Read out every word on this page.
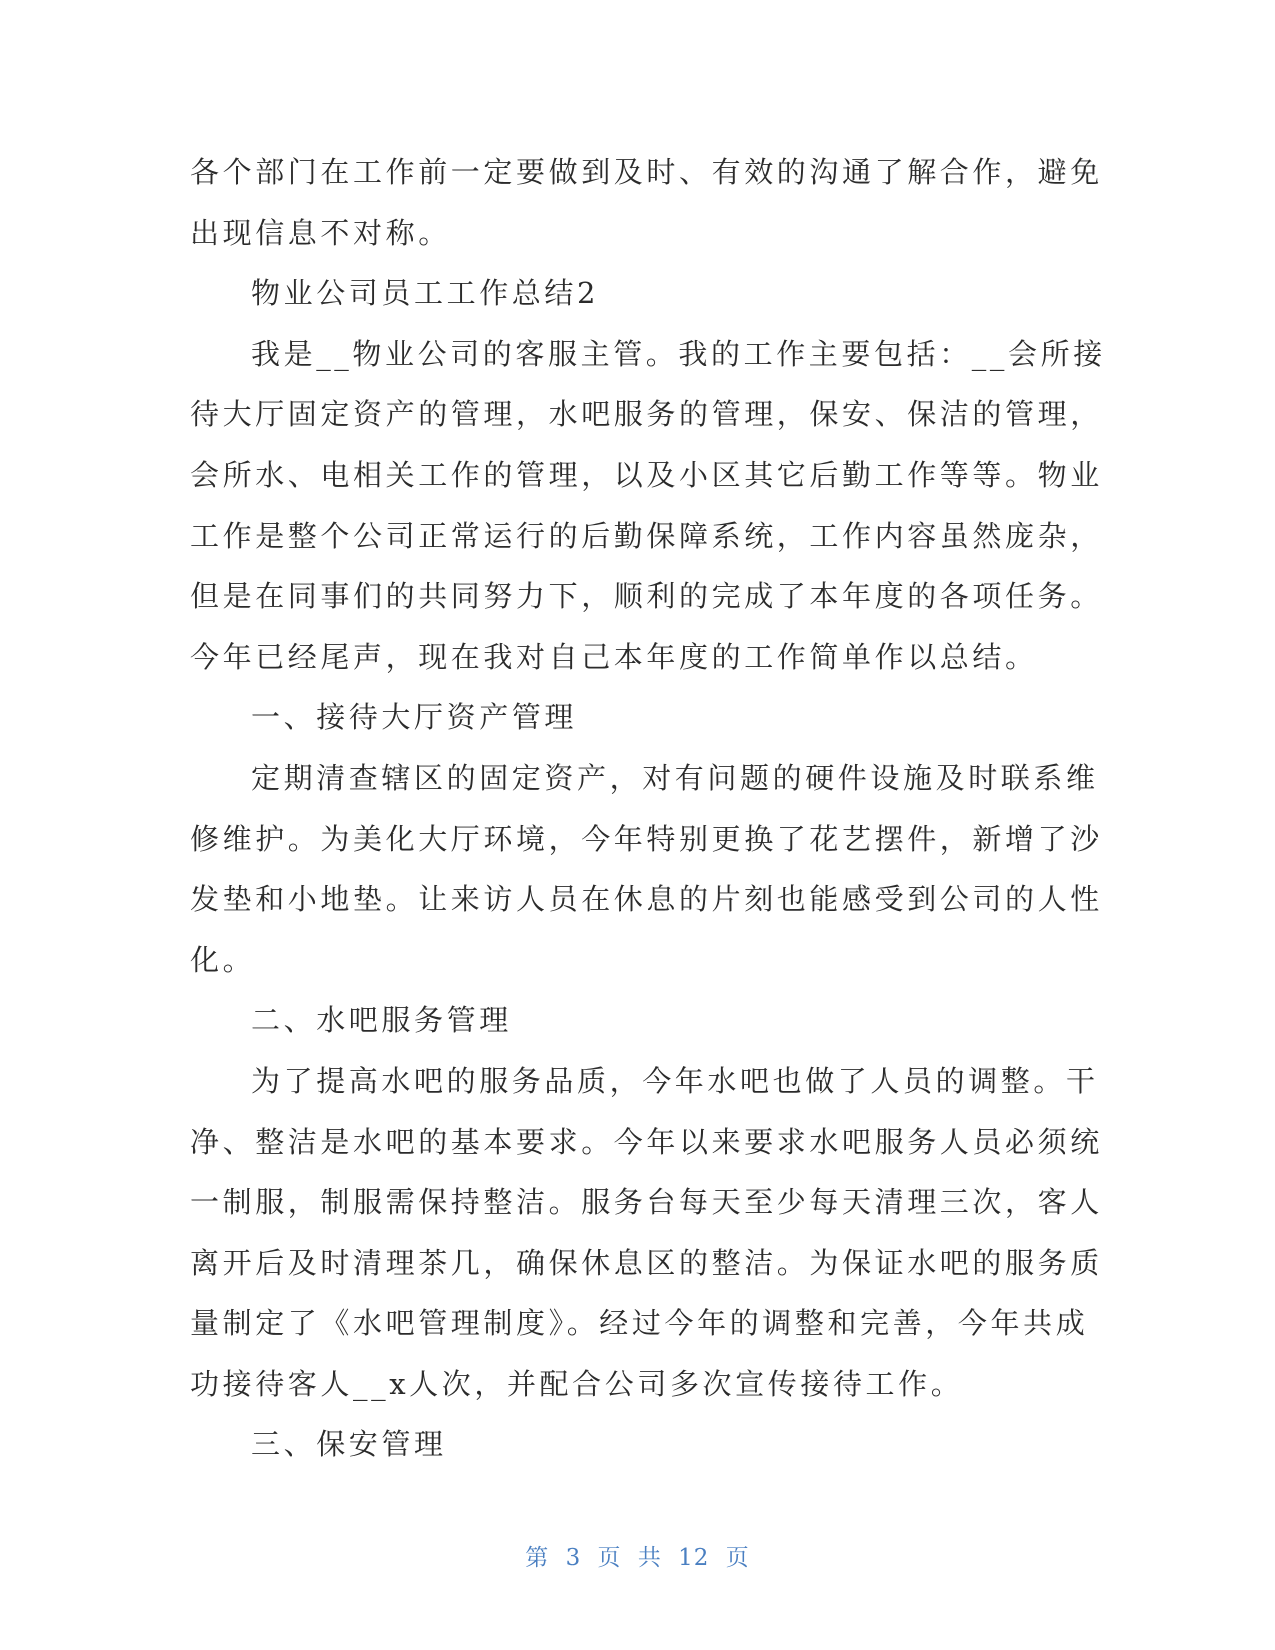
各个部门在工作前一定要做到及时、有效的沟通了解合作，避免
出现信息不对称。
物业公司员工工作总结2
我是__物业公司的客服主管。我的工作主要包括：__会所接
待大厅固定资产的管理，水吧服务的管理，保安、保洁的管理，
会所水、电相关工作的管理，以及小区其它后勤工作等等。物业
工作是整个公司正常运行的后勤保障系统，工作内容虽然庞杂，
但是在同事们的共同努力下，顺利的完成了本年度的各项任务。
今年已经尾声，现在我对自己本年度的工作简单作以总结。
一、接待大厅资产管理
定期清查辖区的固定资产，对有问题的硬件设施及时联系维
修维护。为美化大厅环境，今年特别更换了花艺摆件，新增了沙
发垫和小地垫。让来访人员在休息的片刻也能感受到公司的人性
化。
二、水吧服务管理
为了提高水吧的服务品质，今年水吧也做了人员的调整。干
净、整洁是水吧的基本要求。今年以来要求水吧服务人员必须统
一制服，制服需保持整洁。服务台每天至少每天清理三次，客人
离开后及时清理茶几，确保休息区的整洁。为保证水吧的服务质
量制定了《水吧管理制度》。经过今年的调整和完善，今年共成
功接待客人__x人次，并配合公司多次宣传接待工作。
三、保安管理
第 3 页 共 12 页
